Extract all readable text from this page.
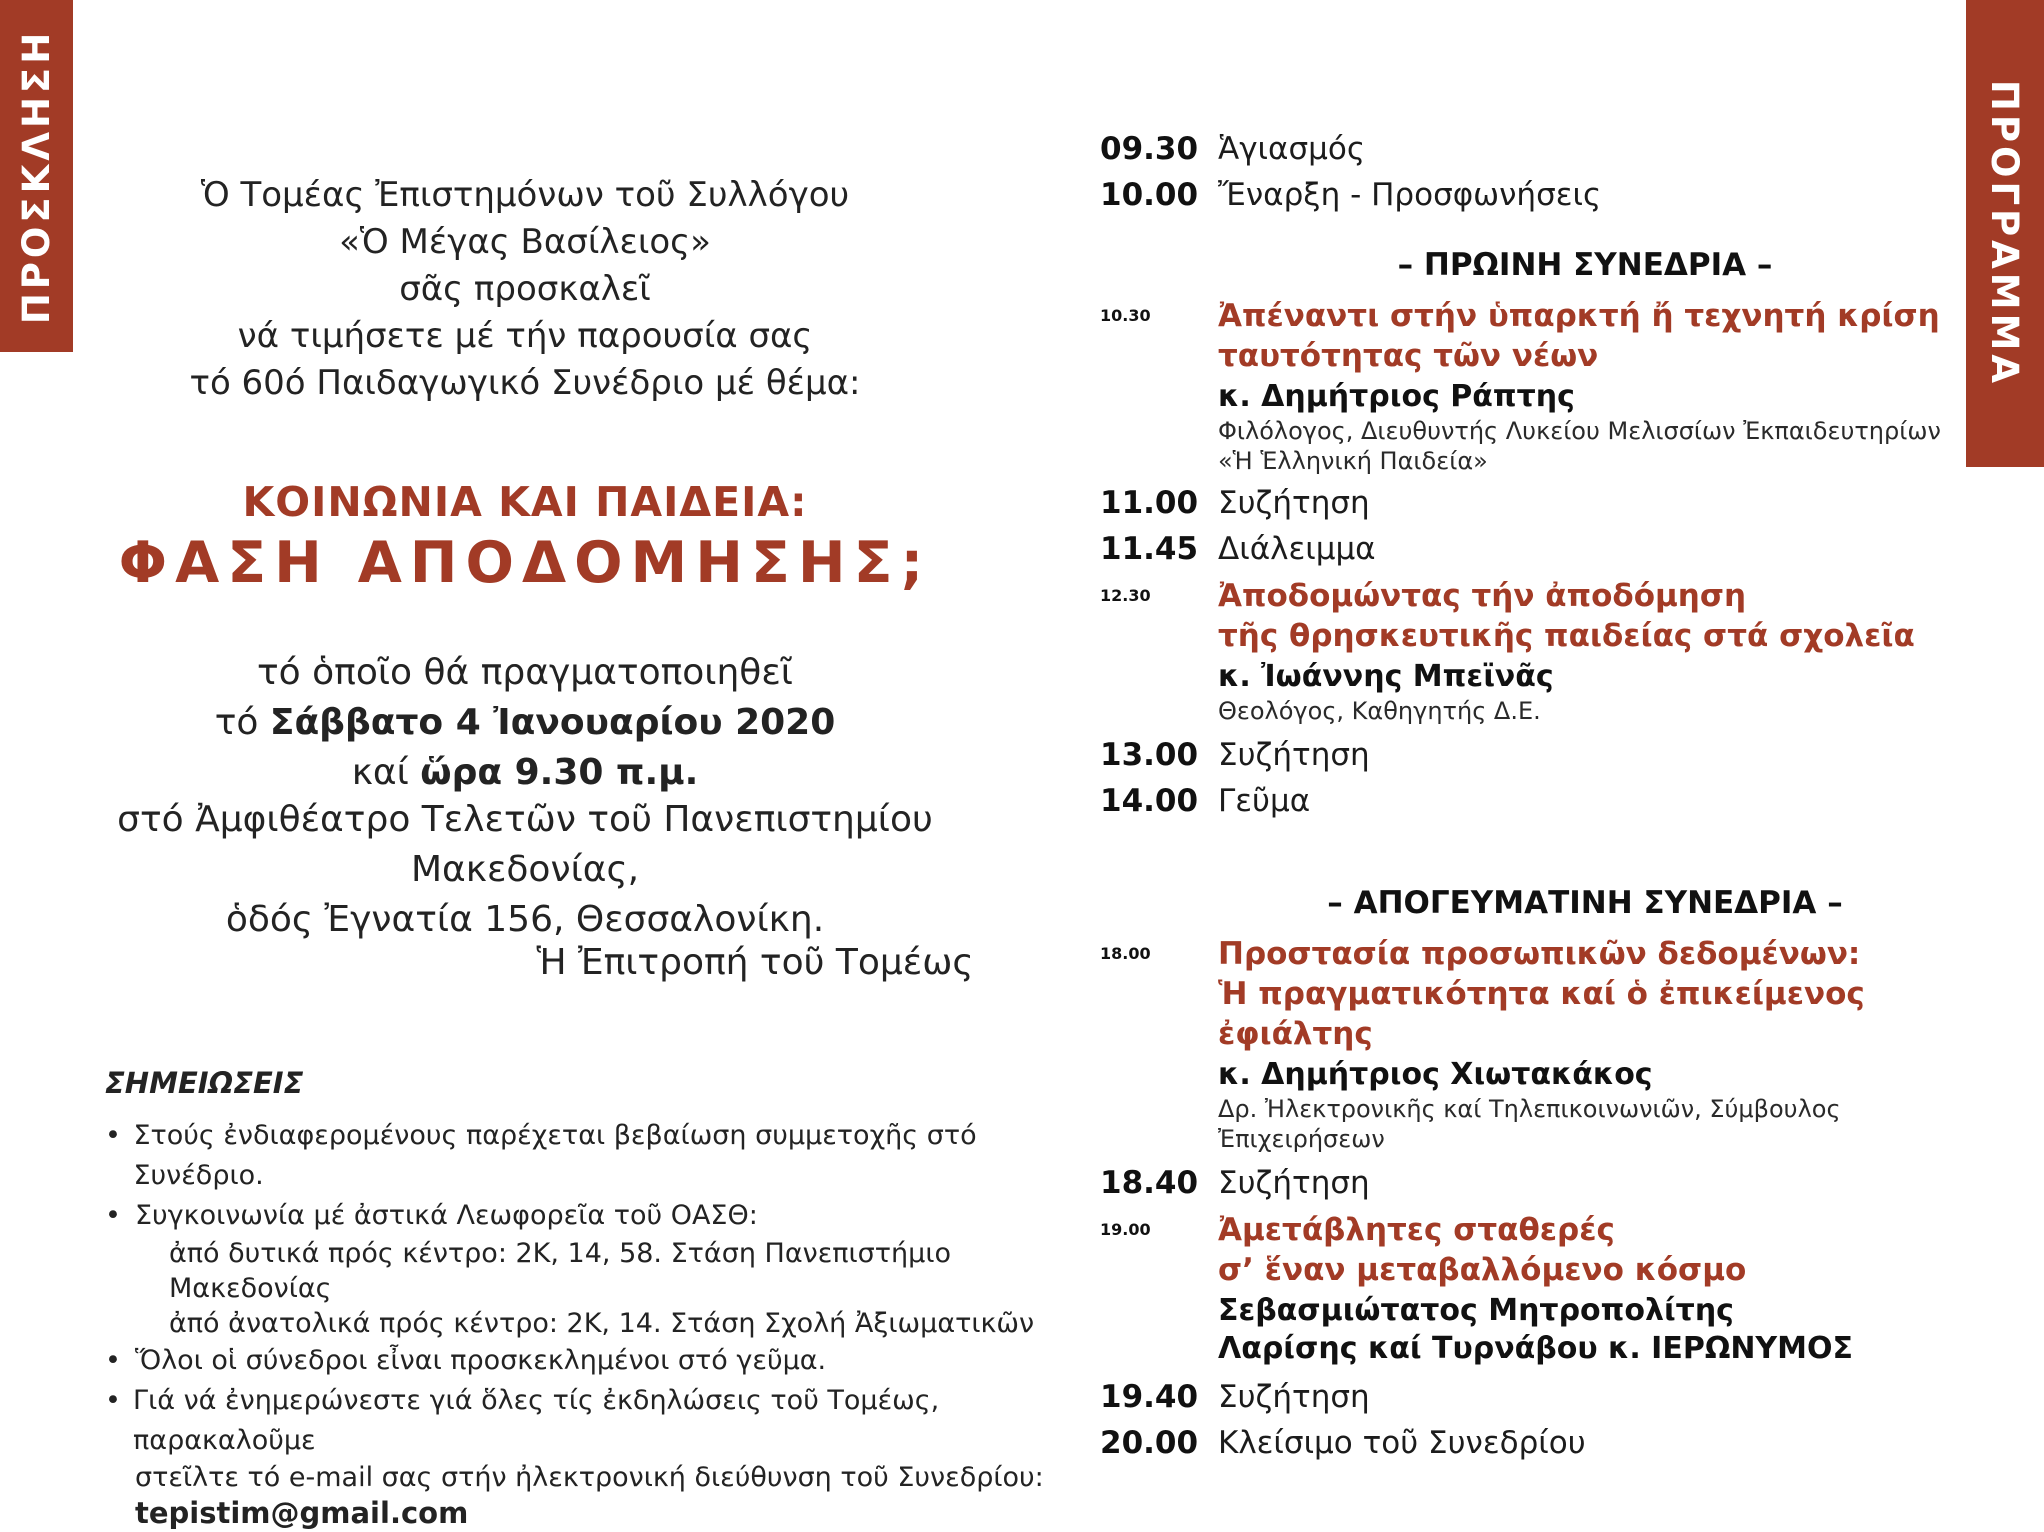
ΠΡΟΣΚΛΗΣΗ	ΠΡΟΓΡΑΜΜΑ
Ὁ Τομέας Ἐπιστημόνων τοῦ Συλλόγου
«Ὁ Μέγας Βασίλειος»
σᾶς προσκαλεῖ
νά τιμήσετε μέ τήν παρουσία σας
τό 60ό Παιδαγωγικό Συνέδριο μέ θέμα:
ΚΟΙΝΩΝΙΑ ΚΑΙ ΠΑΙΔΕΙΑ:
ΦΑΣΗ ΑΠΟΔΟΜΗΣΗΣ;
τό ὁποῖο θά πραγματοποιηθεῖ
τό Σάββατο 4 Ἰανουαρίου 2020
καί ὥρα 9.30 π.μ.
στό Ἀμφιθέατρο Τελετῶν τοῦ Πανεπιστημίου Μακεδονίας,
ὁδός Ἐγνατία 156, Θεσσαλονίκη.
Ἡ Ἐπιτροπή τοῦ Τομέως
ΣΗΜΕΙΩΣΕΙΣ
• Στούς ἐνδιαφερομένους παρέχεται βεβαίωση συμμετοχῆς στό Συνέδριο.
• Συγκοινωνία μέ ἀστικά Λεωφορεῖα τοῦ ΟΑΣΘ:
ἀπό δυτικά πρός κέντρο: 2Κ, 14, 58. Στάση Πανεπιστήμιο Μακεδονίας
ἀπό ἀνατολικά πρός κέντρο: 2Κ, 14. Στάση Σχολή Ἀξιωματικῶν
• Ὅλοι οἱ σύνεδροι εἶναι προσκεκλημένοι στό γεῦμα.
• Γιά νά ἐνημερώνεστε γιά ὅλες τίς ἐκδηλώσεις τοῦ Τομέως, παρακαλοῦμε
στεῖλτε τό e-mail σας στήν ἠλεκτρονική διεύθυνση τοῦ Συνεδρίου:
tepistim@gmail.com
09.30 Ἁγιασμός
10.00 Ἔναρξη - Προσφωνήσεις
– ΠΡΩΙΝΗ ΣΥΝΕΔΡΙΑ –
10.30	Ἀπέναντι στήν ὑπαρκτή ἤ τεχνητή κρίση
ταυτότητας τῶν νέων
κ. Δημήτριος Ράπτης
Φιλόλογος, Διευθυντής Λυκείου Μελισσίων Ἐκπαιδευτηρίων
«Ἡ Ἑλληνική Παιδεία»
11.00 Συζήτηση
11.45 Διάλειμμα
12.30	Ἀποδομώντας τήν ἀποδόμηση
τῆς θρησκευτικῆς παιδείας στά σχολεῖα
κ. Ἰωάννης Μπεϊνᾶς
Θεολόγος, Καθηγητής Δ.Ε.
13.00 Συζήτηση
14.00 Γεῦμα
– ΑΠΟΓΕΥΜΑΤΙΝΗ ΣΥΝΕΔΡΙΑ –
18.00	Προστασία προσωπικῶν δεδομένων:
Ἡ πραγματικότητα καί ὁ ἐπικείμενος ἐφιάλτης
κ. Δημήτριος Χιωτακάκος
Δρ. Ἠλεκτρονικῆς καί Τηλεπικοινωνιῶν, Σύμβουλος Ἐπιχειρήσεων
18.40 Συζήτηση
19.00	Ἀμετάβλητες σταθερές
σ’ ἕναν μεταβαλλόμενο κόσμο
Σεβασμιώτατος Μητροπολίτης
Λαρίσης καί Τυρνάβου κ. ΙΕΡΩΝΥΜΟΣ
19.40 Συζήτηση
20.00 Κλείσιμο τοῦ Συνεδρίου
